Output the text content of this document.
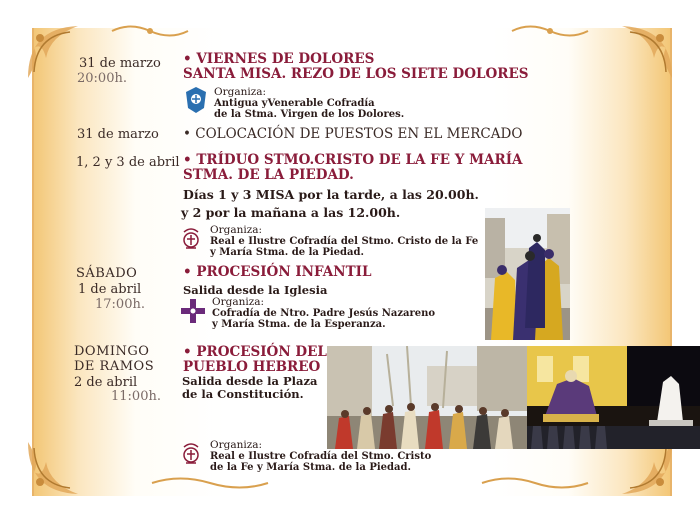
31 de marzo
20:00h.
• VIERNES DE DOLORES
SANTA MISA. REZO DE LOS SIETE DOLORES
Organiza:
Antigua yVenerable Cofradía
de la Stma. Virgen de los Dolores.
31 de marzo • COLOCACIÓN DE PUESTOS EN EL MERCADO
1, 2 y 3 de abril • TRÍDUO STMO.CRISTO DE LA FE Y MARÍA
STMA. DE LA PIEDAD.
Días 1 y 3 MISA por la tarde, a las 20.00h.
y 2 por la mañana a las 12.00h.
Organiza:
Real e Ilustre Cofradía del Stmo. Cristo de la Fe
y María Stma. de la Piedad.
SÁBADO
1 de abril
17:00h.
• PROCESIÓN INFANTIL
Salida desde la Iglesia
Organiza:
Cofradía de Ntro. Padre Jesús Nazareno
y María Stma. de la Esperanza.
DOMINGO
DE RAMOS
2 de abril
11:00h.
• PROCESIÓN DEL
PUEBLO HEBREO
Salida desde la Plaza
de la Constitución.
Organiza:
Real e Ilustre Cofradía del Stmo. Cristo
de la Fe y María Stma. de la Piedad.
